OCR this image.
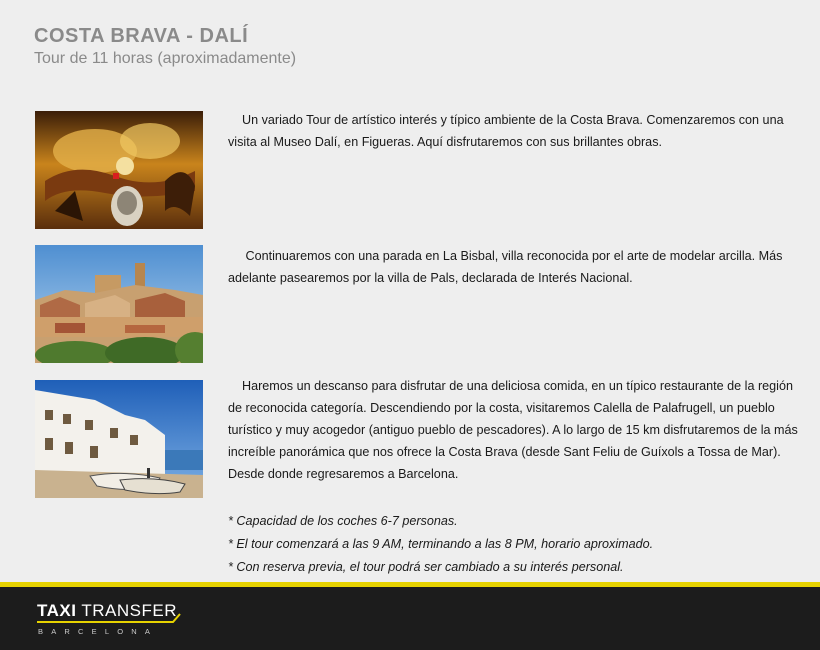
COSTA BRAVA - DALÍ
Tour de 11 horas (aproximadamente)
Un variado Tour de artístico interés y típico ambiente de la Costa Brava. Comenzaremos con una visita al Museo Dalí, en Figueras. Aquí disfrutaremos con sus brillantes obras.
Continuaremos con una parada en La Bisbal, villa reconocida por el arte de modelar arcilla. Más adelante pasearemos por la villa de Pals, declarada de Interés Nacional.
Haremos un descanso para disfrutar de una deliciosa comida, en un típico restaurante de la región de reconocida categoría. Descendiendo por la costa, visitaremos Calella de Palafrugell, un pueblo turístico y muy acogedor (antiguo pueblo de pescadores). A lo largo de 15 km disfrutaremos de la más increíble panorámica que nos ofrece la Costa Brava (desde Sant Feliu de Guíxols a Tossa de Mar). Desde donde regresaremos a Barcelona.
* Capacidad de los coches 6-7 personas.
* El tour comenzará a las 9 AM, terminando a las 8 PM, horario aproximado.
* Con reserva previa, el tour podrá ser cambiado a su interés personal.
TAXI TRANSFER
BARCELONA
